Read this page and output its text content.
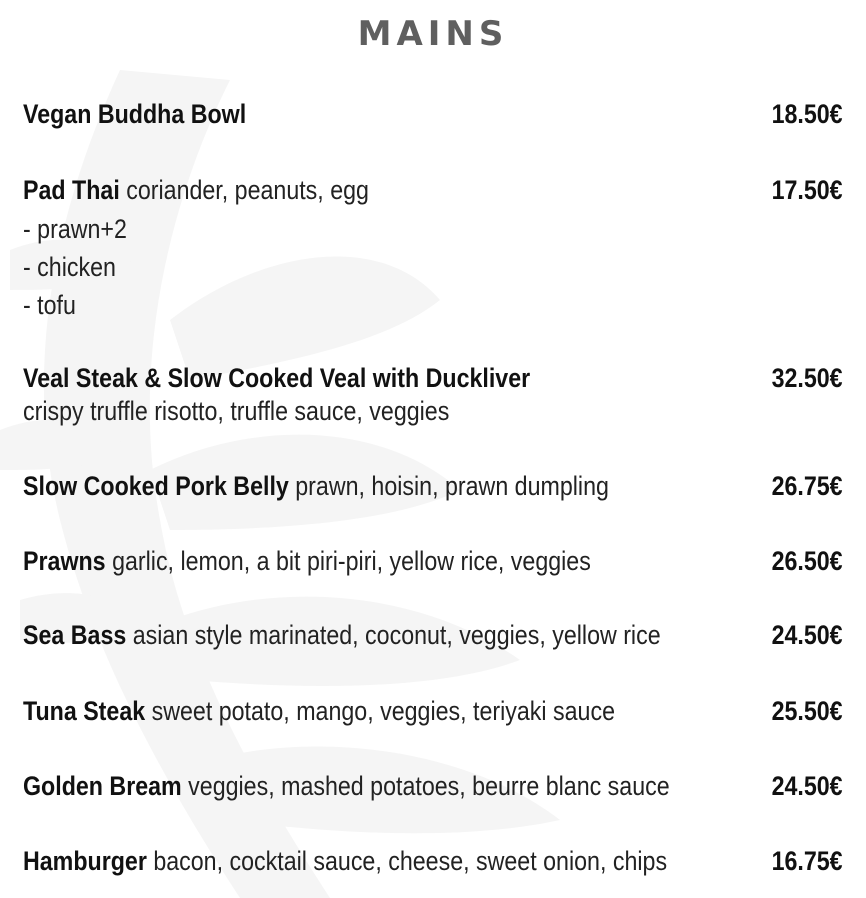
MAINS
Vegan Buddha Bowl	18.50€
Pad Thai coriander, peanuts, egg	17.50€
- prawn+2
- chicken
- tofu
Veal Steak & Slow Cooked Veal with Duckliver	32.50€
crispy truffle risotto, truffle sauce, veggies
Slow Cooked Pork Belly prawn, hoisin, prawn dumpling	26.75€
Prawns garlic, lemon, a bit piri-piri, yellow rice, veggies	26.50€
Sea Bass asian style marinated, coconut, veggies, yellow rice	24.50€
Tuna Steak sweet potato, mango, veggies, teriyaki sauce	25.50€
Golden Bream veggies, mashed potatoes, beurre blanc sauce	24.50€
Hamburger bacon, cocktail sauce, cheese, sweet onion, chips	16.75€
